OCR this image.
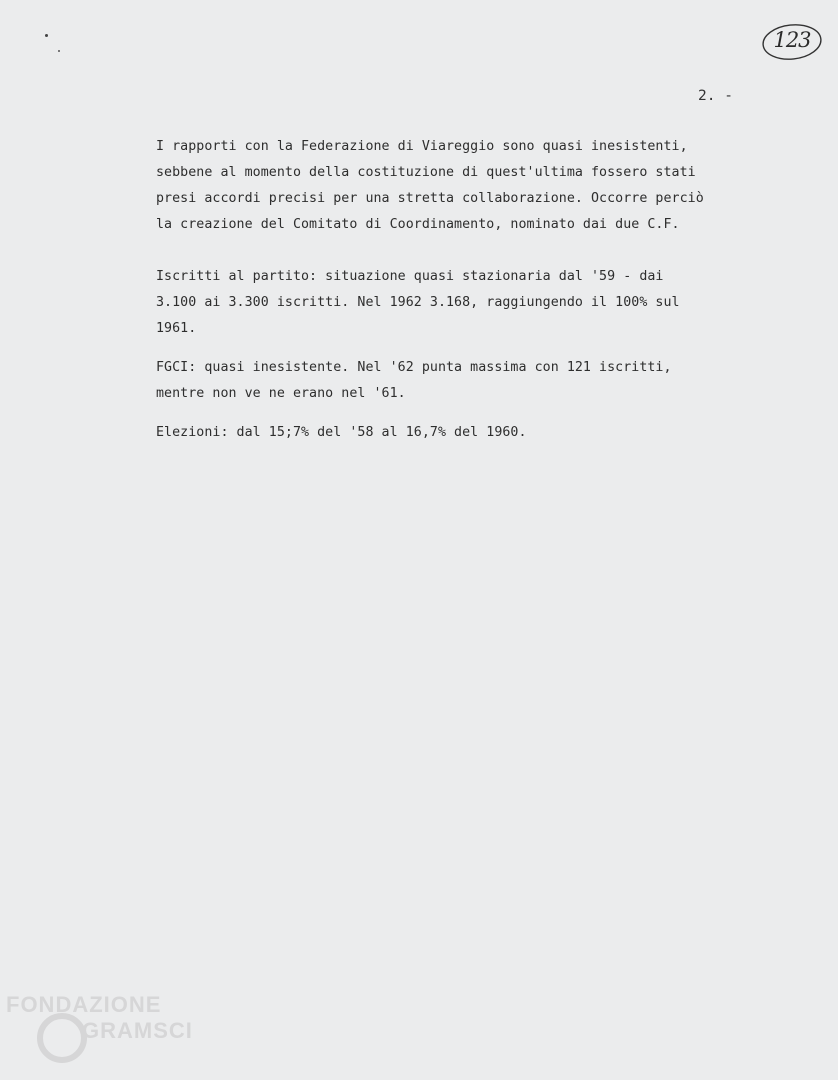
123
2. -

I rapporti con la Federazione di Viareggio sono quasi inesistenti,
sebbene al momento della costituzione di quest'ultima fossero stati
presi accordi precisi per una stretta collaborazione. Occorre perciò
la creazione del Comitato di Coordinamento, nominato dai due C.F.

Iscritti al partito: situazione quasi stazionaria dal '59 - dai
3.100 ai 3.300 iscritti. Nel 1962 3.168, raggiungendo il 100% sul
1961.

FGCI: quasi inesistente. Nel '62 punta massima con 121 iscritti,
mentre non ve ne erano nel '61.

Elezioni: dal 15;7% del '58 al 16,7% del 1960.

FONDAZIONE
GRAMSCI
